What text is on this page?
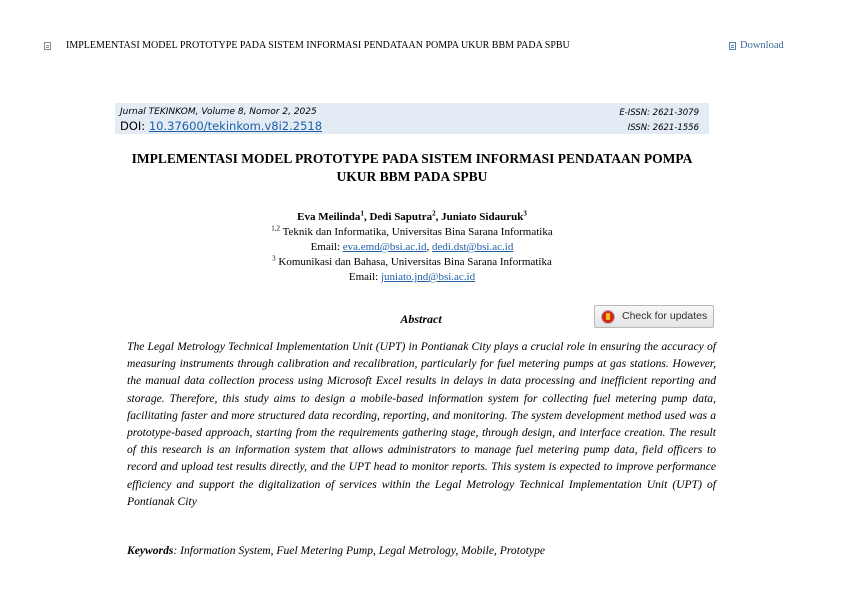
IMPLEMENTASI MODEL PROTOTYPE PADA SISTEM INFORMASI PENDATAAN POMPA UKUR BBM PADA SPBU	Download
Jurnal TEKINKOM, Volume 8, Nomor 2, 2025
DOI: 10.37600/tekinkom.v8i2.2518
E-ISSN: 2621-3079
ISSN: 2621-1556
IMPLEMENTASI MODEL PROTOTYPE PADA SISTEM INFORMASI PENDATAAN POMPA UKUR BBM PADA SPBU
Eva Meilinda$^1$, Dedi Saputra$^2$, Juniato Sidauruk$^3$
$^{1,2}$ Teknik dan Informatika, Universitas Bina Sarana Informatika
Email: eva.emd@bsi.ac.id, dedi.dst@bsi.ac.id
$^3$ Komunikasi dan Bahasa, Universitas Bina Sarana Informatika
Email: juniato.jnd@bsi.ac.id
Abstract	Check for updates

The Legal Metrology Technical Implementation Unit (UPT) in Pontianak City plays a crucial role in ensuring the accuracy of measuring instruments through calibration and recalibration, particularly for fuel metering pumps at gas stations. However, the manual data collection process using Microsoft Excel results in delays in data processing and inefficient reporting and storage. Therefore, this study aims to design a mobile-based information system for collecting fuel metering pump data, facilitating faster and more structured data recording, reporting, and monitoring. The system development method used was a prototype-based approach, starting from the requirements gathering stage, through design, and interface creation. The result of this research is an information system that allows administrators to manage fuel metering pump data, field officers to record and upload test results directly, and the UPT head to monitor reports. This system is expected to improve performance efficiency and support the digitalization of services within the Legal Metrology Technical Implementation Unit (UPT) of Pontianak City

Keywords: Information System, Fuel Metering Pump, Legal Metrology, Mobile, Prototype
